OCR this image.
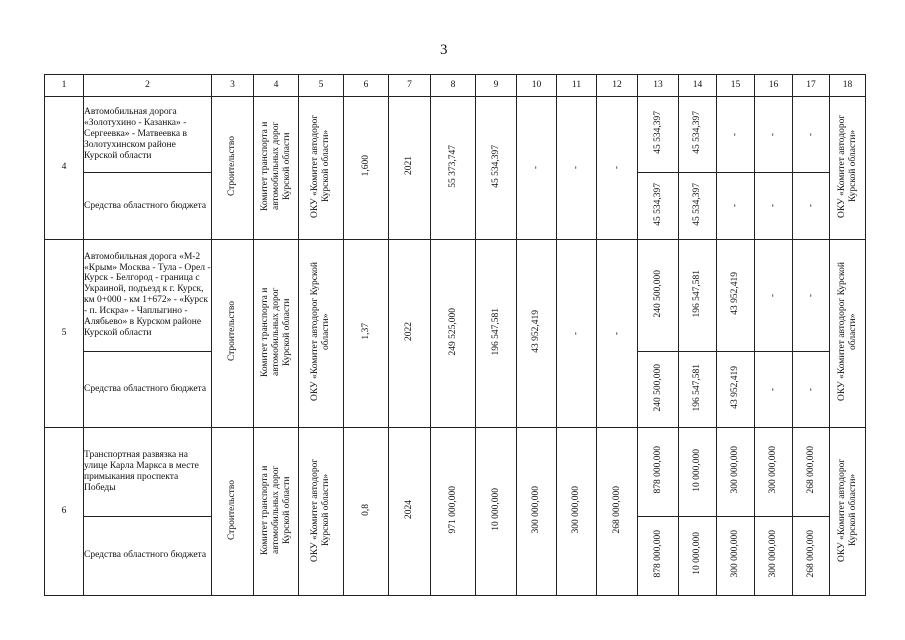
3
1	2	3	4	5	6	7	8	9	10	11	12	13	14	15	16	17	18
4	Автомобильная дорога «Золотухино - Казанка» - Сергеевка» - Матвеевка в Золотухинском районе Курской области	Строительство	Комитет транспорта и автомобильных дорог Курской области	ОКУ «Комитет автодорог Курской области»	1,600	2021	55 373,747	45 534,397	-	-	-	45 534,397	45 534,397	-	-	-	ОКУ «Комитет автодорог Курской области»
	Средства областного бюджета											45 534,397	45 534,397	-	-	-	
5	Автомобильная дорога «М-2 «Крым» Москва - Тула - Орел - Курск - Белгород - граница с Украиной, подъезд к г. Курск, км 0+000 - км 1+672» - «Курск - п. Искра» - Чаплыгино - Алябьево» в Курском районе Курской области	Строительство	Комитет транспорта и автомобильных дорог Курской области	ОКУ «Комитет автодорог Курской области»	1,37	2022	249 525,000	196 547,581	43 952,419	-	-	240 500,000	196 547,581	43 952,419	-	-	ОКУ «Комитет автодорог Курской области»
	Средства областного бюджета											240 500,000	196 547,581	43 952,419	-	-	
6	Транспортная развязка на улице Карла Маркса в месте примыкания проспекта Победы	Строительство	Комитет транспорта и автомобильных дорог Курской области	ОКУ «Комитет автодорог Курской области»	0,8	2024	971 000,000	10 000,000	300 000,000	300 000,000	268 000,000	878 000,000	10 000,000	300 000,000	300 000,000	268 000,000	ОКУ «Комитет автодорог Курской области»
	Средства областного бюджета											878 000,000	10 000,000	300 000,000	300 000,000	268 000,000	
